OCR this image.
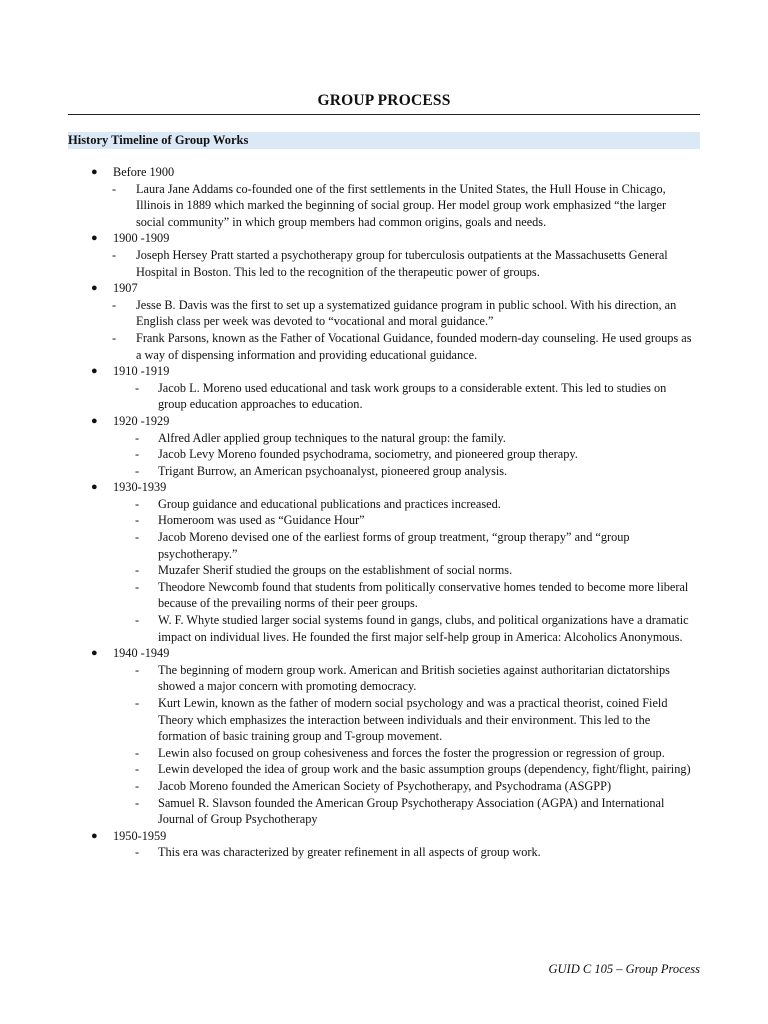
GROUP PROCESS
History Timeline of Group Works
● Before 1900
- Laura Jane Addams co-founded one of the first settlements in the United States, the Hull House in Chicago, Illinois in 1889 which marked the beginning of social group. Her model group work emphasized “the larger social community” in which group members had common origins, goals and needs.
● 1900 -1909
- Joseph Hersey Pratt started a psychotherapy group for tuberculosis outpatients at the Massachusetts General Hospital in Boston. This led to the recognition of the therapeutic power of groups.
● 1907
- Jesse B. Davis was the first to set up a systematized guidance program in public school. With his direction, an English class per week was devoted to “vocational and moral guidance.”
- Frank Parsons, known as the Father of Vocational Guidance, founded modern-day counseling. He used groups as a way of dispensing information and providing educational guidance.
● 1910 -1919
- Jacob L. Moreno used educational and task work groups to a considerable extent. This led to studies on group education approaches to education.
● 1920 -1929
- Alfred Adler applied group techniques to the natural group: the family.
- Jacob Levy Moreno founded psychodrama, sociometry, and pioneered group therapy.
- Trigant Burrow, an American psychoanalyst, pioneered group analysis.
● 1930-1939
- Group guidance and educational publications and practices increased.
- Homeroom was used as “Guidance Hour”
- Jacob Moreno devised one of the earliest forms of group treatment, “group therapy” and “group psychotherapy.”
- Muzafer Sherif studied the groups on the establishment of social norms.
- Theodore Newcomb found that students from politically conservative homes tended to become more liberal because of the prevailing norms of their peer groups.
- W. F. Whyte studied larger social systems found in gangs, clubs, and political organizations have a dramatic impact on individual lives. He founded the first major self-help group in America: Alcoholics Anonymous.
● 1940 -1949
- The beginning of modern group work. American and British societies against authoritarian dictatorships showed a major concern with promoting democracy.
- Kurt Lewin, known as the father of modern social psychology and was a practical theorist, coined Field Theory which emphasizes the interaction between individuals and their environment. This led to the formation of basic training group and T-group movement.
- Lewin also focused on group cohesiveness and forces the foster the progression or regression of group.
- Lewin developed the idea of group work and the basic assumption groups (dependency, fight/flight, pairing)
- Jacob Moreno founded the American Society of Psychotherapy, and Psychodrama (ASGPP)
- Samuel R. Slavson founded the American Group Psychotherapy Association (AGPA) and International Journal of Group Psychotherapy
● 1950-1959
- This era was characterized by greater refinement in all aspects of group work.
GUID C 105 – Group Process
